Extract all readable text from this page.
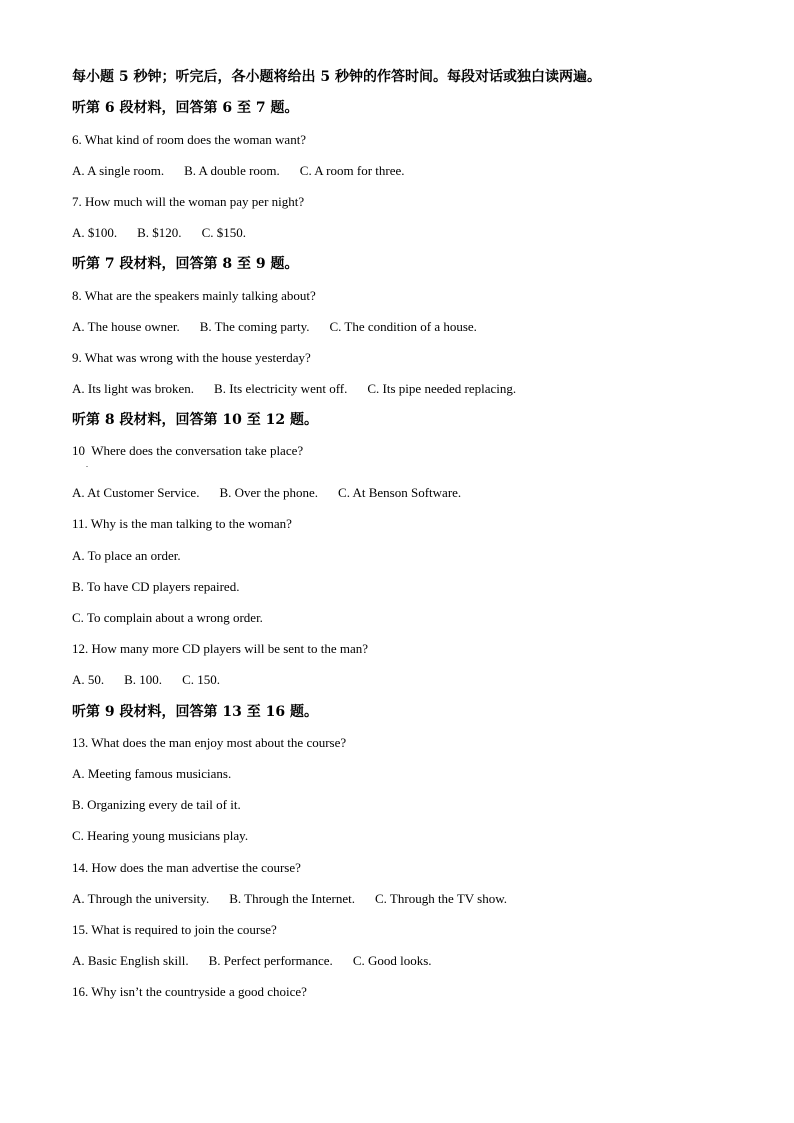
每小题 5 秒钟；听完后，各小题将给出 5 秒钟的作答时间。每段对话或独白读两遍。
听第 6 段材料，回答第 6 至 7 题。
6. What kind of room does the woman want?
A. A single room. B. A double room. C. A room for three.
7. How much will the woman pay per night?
A. $100. B. $120. C. $150.
听第 7 段材料，回答第 8 至 9 题。
8. What are the speakers mainly talking about?
A. The house owner. B. The coming party. C. The condition of a house.
9. What was wrong with the house yesterday?
A. Its light was broken. B. Its electricity went off. C. Its pipe needed replacing.
听第 8 段材料，回答第 10 至 12 题。
10  Where does the conversation take place?
.
A. At Customer Service. B. Over the phone. C. At Benson Software.
11. Why is the man talking to the woman?
A. To place an order.
B. To have CD players repaired.
C. To complain about a wrong order.
12. How many more CD players will be sent to the man?
A. 50. B. 100. C. 150.
听第 9 段材料，回答第 13 至 16 题。
13. What does the man enjoy most about the course?
A. Meeting famous musicians.
B. Organizing every de tail of it.
C. Hearing young musicians play.
14. How does the man advertise the course?
A. Through the university. B. Through the Internet. C. Through the TV show.
15. What is required to join the course?
A. Basic English skill. B. Perfect performance. C. Good looks.
16. Why isn’t the countryside a good choice?
